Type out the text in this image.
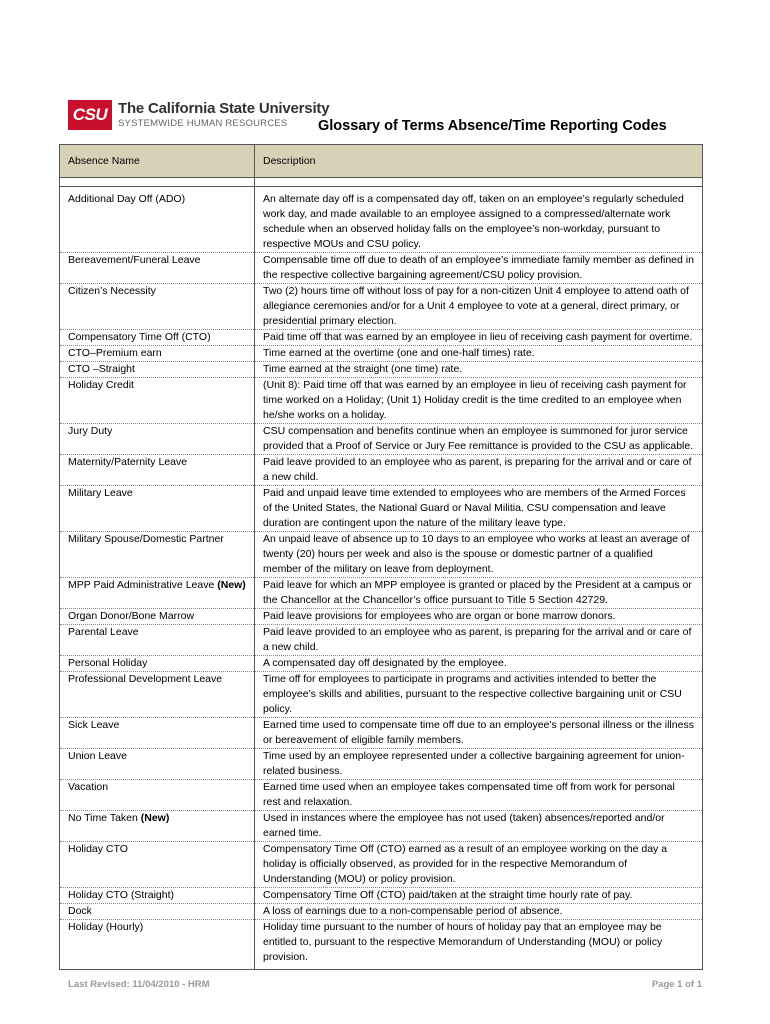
CSU The California State University
SYSTEMWIDE HUMAN RESOURCES	Glossary of Terms Absence/Time Reporting Codes
Absence Name	Description

Additional Day Off (ADO)	An alternate day off is a compensated day off, taken on an employee’s regularly scheduled work day, and made available to an employee assigned to a compressed/alternate work schedule when an observed holiday falls on the employee’s non-workday, pursuant to respective MOUs and CSU policy.
Bereavement/Funeral Leave	Compensable time off due to death of an employee’s immediate family member as defined in the respective collective bargaining agreement/CSU policy provision.
Citizen’s Necessity	Two (2) hours time off without loss of pay for a non-citizen Unit 4 employee to attend oath of allegiance ceremonies and/or for a Unit 4 employee to vote at a general, direct primary, or presidential primary election.
Compensatory Time Off (CTO)	Paid time off that was earned by an employee in lieu of receiving cash payment for overtime.
CTO–Premium earn	Time earned at the overtime (one and one-half times) rate.
CTO –Straight	Time earned at the straight (one time) rate.
Holiday Credit	(Unit 8): Paid time off that was earned by an employee in lieu of receiving cash payment for time worked on a Holiday; (Unit 1) Holiday credit is the time credited to an employee when he/she works on a holiday.
Jury Duty	CSU compensation and benefits continue when an employee is summoned for juror service provided that a Proof of Service or Jury Fee remittance is provided to the CSU as applicable.
Maternity/Paternity Leave	Paid leave provided to an employee who as parent, is preparing for the arrival and or care of a new child.
Military Leave	Paid and unpaid leave time extended to employees who are members of the Armed Forces of the United States, the National Guard or Naval Militia. CSU compensation and leave duration are contingent upon the nature of the military leave type.
Military Spouse/Domestic Partner	An unpaid leave of absence up to 10 days to an employee who works at least an average of twenty (20) hours per week and also is the spouse or domestic partner of a qualified member of the military on leave from deployment.
MPP Paid Administrative Leave (New)	Paid leave for which an MPP employee is granted or placed by the President at a campus or the Chancellor at the Chancellor’s office pursuant to Title 5 Section 42729.
Organ Donor/Bone Marrow	Paid leave provisions for employees who are organ or bone marrow donors.
Parental Leave	Paid leave provided to an employee who as parent, is preparing for the arrival and or care of a new child.
Personal Holiday	A compensated day off designated by the employee.
Professional Development Leave	Time off for employees to participate in programs and activities intended to better the employee’s skills and abilities, pursuant to the respective collective bargaining unit or CSU policy.
Sick Leave	Earned time used to compensate time off due to an employee’s personal illness or the illness or bereavement of eligible family members.
Union Leave	Time used by an employee represented under a collective bargaining agreement for union-related business.
Vacation	Earned time used when an employee takes compensated time off from work for personal rest and relaxation.
No Time Taken (New)	Used in instances where the employee has not used (taken) absences/reported and/or earned time.
Holiday CTO	Compensatory Time Off (CTO) earned as a result of an employee working on the day a holiday is officially observed, as provided for in the respective Memorandum of Understanding (MOU) or policy provision.
Holiday CTO (Straight)	Compensatory Time Off (CTO) paid/taken at the straight time hourly rate of pay.
Dock	A loss of earnings due to a non-compensable period of absence.
Holiday (Hourly)	Holiday time pursuant to the number of hours of holiday pay that an employee may be entitled to, pursuant to the respective Memorandum of Understanding (MOU) or policy provision.
Last Revised: 11/04/2010 - HRM	Page 1 of 1
